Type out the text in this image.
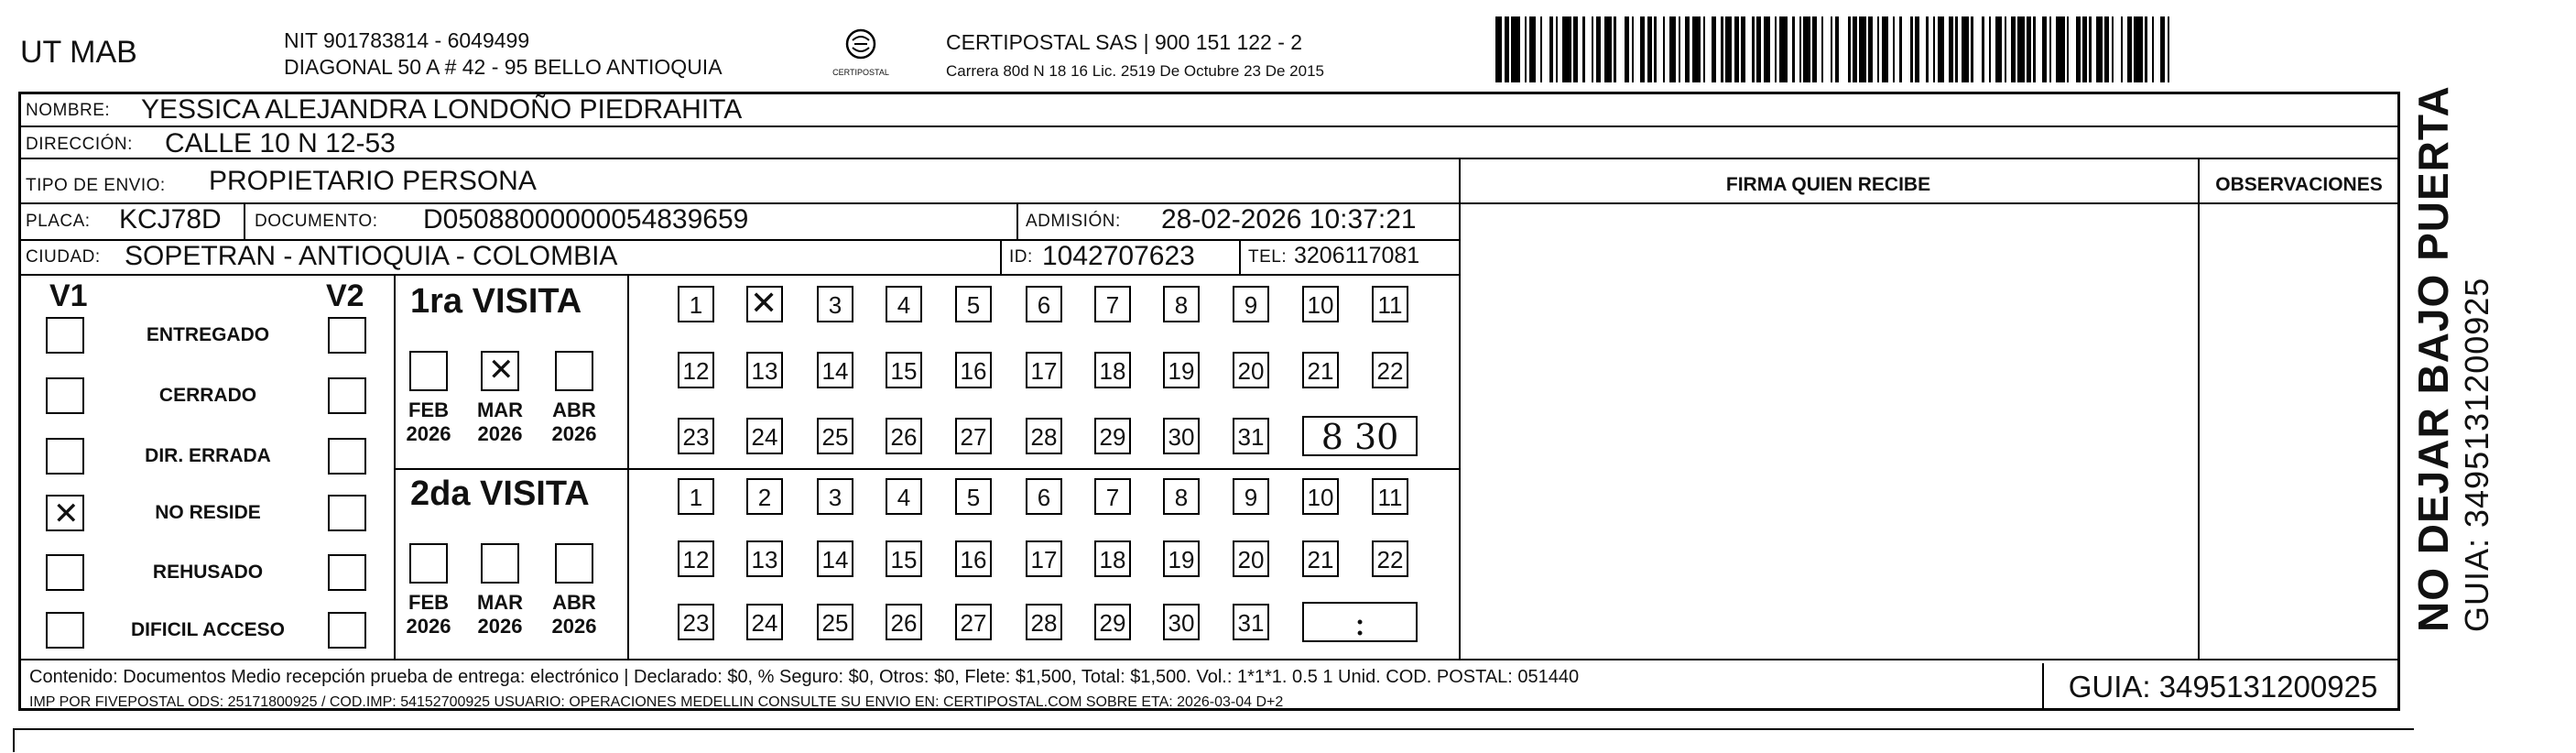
UT MAB	NIT 901783814 - 6049499
DIAGONAL 50 A # 42 - 95 BELLO ANTIOQUIA	CERTIPOSTAL
CERTIPOSTAL SAS | 900 151 122 - 2
Carrera 80d N 18 16 Lic. 2519 De Octubre 23 De 2015
NOMBRE: YESSICA ALEJANDRA LONDOÑO PIEDRAHITA
DIRECCIÓN: CALLE 10 N 12-53
TIPO DE ENVIO: PROPIETARIO PERSONA	FIRMA QUIEN RECIBE	OBSERVACIONES
PLACA: KCJ78D DOCUMENTO: D05088000000054839659	ADMISIÓN: 28-02-2026 10:37:21
CIUDAD: SOPETRAN - ANTIOQUIA - COLOMBIA	ID: 1042707623	TEL: 3206117081
V1	V2
ENTREGADO
CERRADO
DIR. ERRADA
✕	NO RESIDE
REHUSADO
DIFICIL ACCESO
1ra VISITA
2da VISITA
FEB
2026
✕
MAR
2026
ABR
2026
FEB
2026
MAR
2026
ABR
2026
1
✕	3	4	5	6	7	8	9	10 11
12 13 14 15 16 17 18 19 20 21 22
23 24 25 26 27 28 29 30 31	8 30
1	2	3	4	5	6	7	8	9	10 11
12 13 14 15 16 17 18 19 20 21 22
23 24 25 26 27 28 29 30 31	:
Contenido: Documentos Medio recepción prueba de entrega: electrónico | Declarado: $0, % Seguro: $0, Otros: $0, Flete: $1,500, Total: $1,500. Vol.: 1*1*1. 0.5 1 Unid. COD. POSTAL: 051440
IMP POR FIVEPOSTAL ODS: 25171800925 / COD.IMP: 54152700925 USUARIO: OPERACIONES MEDELLIN CONSULTE SU ENVIO EN: CERTIPOSTAL.COM SOBRE ETA: 2026-03-04 D+2	GUIA: 3495131200925
NO DEJAR BAJO PUERTA GUIA: 3495131200925
